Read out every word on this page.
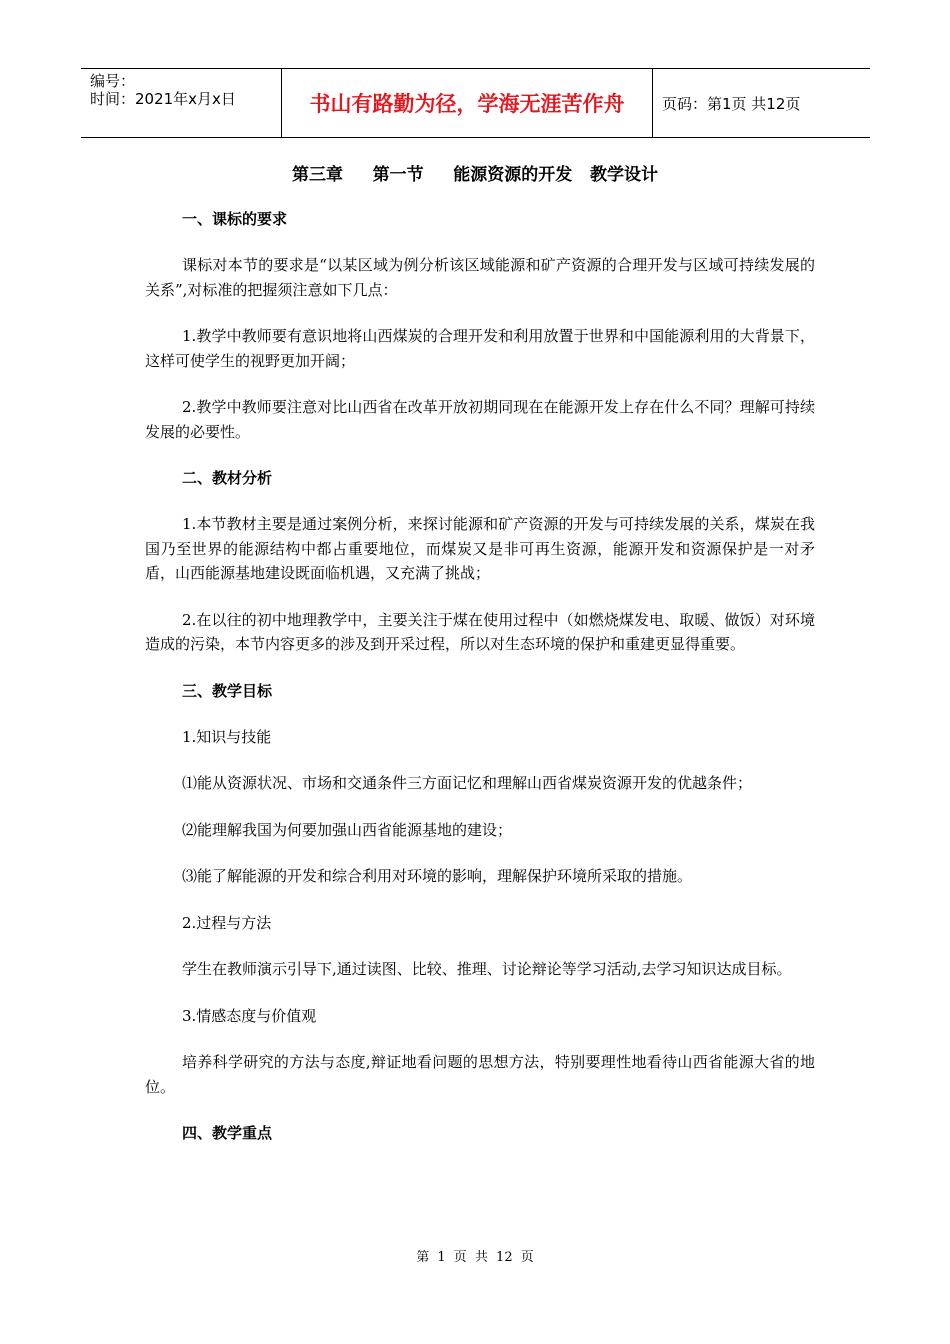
编号：
时间：2021年x月x日	书山有路勤为径，学海无涯苦作舟	页码：第1页 共12页
第三章     第一节     能源资源的开发   教学设计
一、课标的要求
课标对本节的要求是“以某区域为例分析该区域能源和矿产资源的合理开发与区域可持续发展的关系”,对标准的把握须注意如下几点：
1.教学中教师要有意识地将山西煤炭的合理开发和利用放置于世界和中国能源利用的大背景下，这样可使学生的视野更加开阔；
2.教学中教师要注意对比山西省在改革开放初期同现在在能源开发上存在什么不同？理解可持续发展的必要性。
二、教材分析
1.本节教材主要是通过案例分析，来探讨能源和矿产资源的开发与可持续发展的关系，煤炭在我国乃至世界的能源结构中都占重要地位，而煤炭又是非可再生资源，能源开发和资源保护是一对矛盾，山西能源基地建设既面临机遇，又充满了挑战；
2.在以往的初中地理教学中，主要关注于煤在使用过程中（如燃烧煤发电、取暖、做饭）对环境造成的污染，本节内容更多的涉及到开采过程，所以对生态环境的保护和重建更显得重要。
三、教学目标
1.知识与技能
⑴能从资源状况、市场和交通条件三方面记忆和理解山西省煤炭资源开发的优越条件；
⑵能理解我国为何要加强山西省能源基地的建设；
⑶能了解能源的开发和综合利用对环境的影响，理解保护环境所采取的措施。
2.过程与方法
学生在教师演示引导下,通过读图、比较、推理、讨论辩论等学习活动,去学习知识达成目标。
3.情感态度与价值观
培养科学研究的方法与态度,辩证地看问题的思想方法，特别要理性地看待山西省能源大省的地位。
四、教学重点
第 1 页 共 12 页
